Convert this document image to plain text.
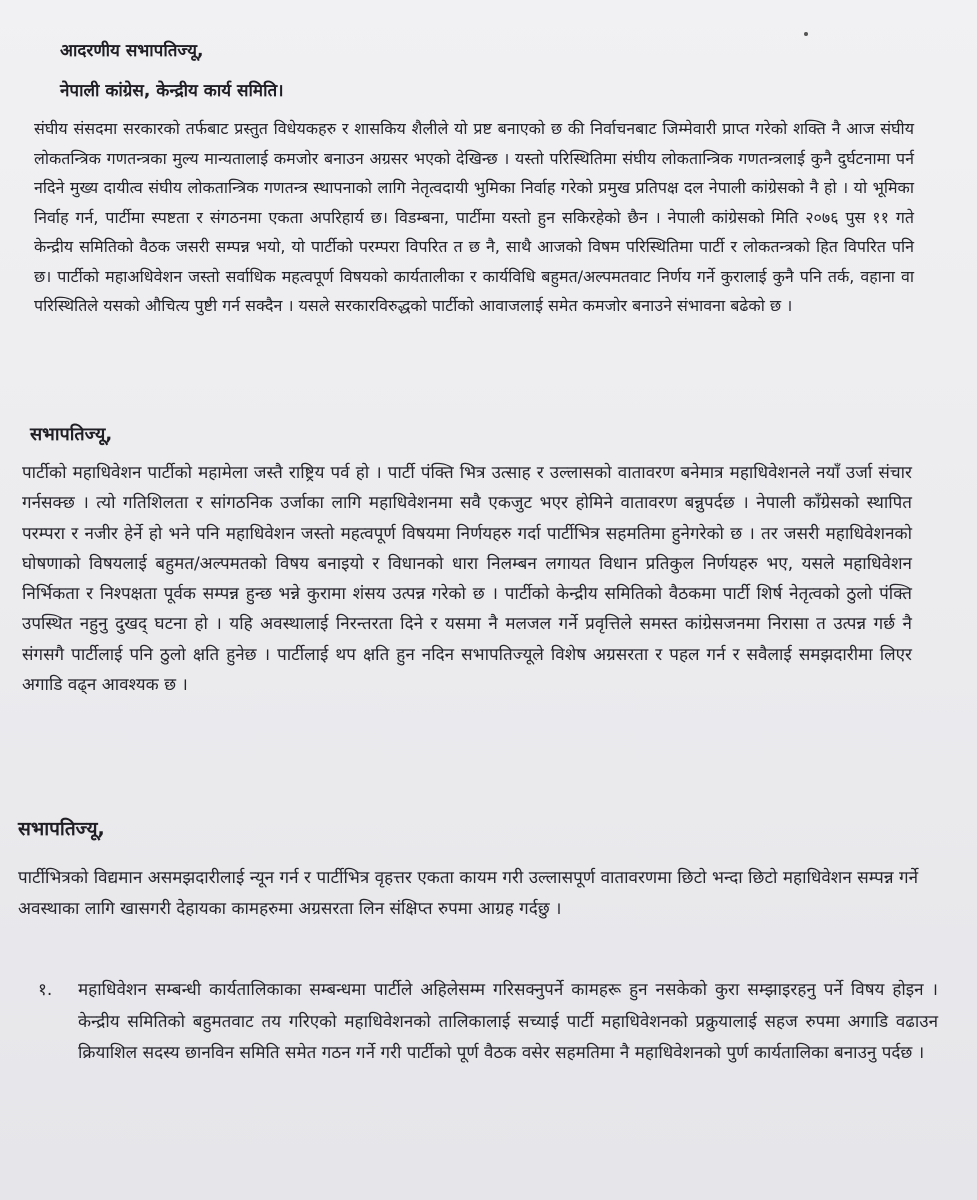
आदरणीय सभापतिज्यू,
नेपाली कांग्रेस, केन्द्रीय कार्य समिति।

संघीय संसदमा सरकारको तर्फबाट प्रस्तुत विधेयकहरु र शासकिय शैलीले यो प्रष्ट बनाएको छ की निर्वाचनबाट जिम्मेवारी प्राप्त गरेको शक्ति नै आज संघीय लोकतन्त्रिक गणतन्त्रका मुल्य मान्यतालाई कमजोर बनाउन अग्रसर भएको देखिन्छ । यस्तो परिस्थितिमा संघीय लोकतान्त्रिक गणतन्त्रलाई कुनै दुर्घटनामा पर्न नदिने मुख्य दायीत्व संघीय लोकतान्त्रिक गणतन्त्र स्थापनाको लागि नेतृत्वदायी भुमिका निर्वाह गरेको प्रमुख प्रतिपक्ष दल नेपाली कांग्रेसको नै हो । यो भूमिका निर्वाह गर्न, पार्टीमा स्पष्टता र संगठनमा एकता अपरिहार्य छ। विडम्बना, पार्टीमा यस्तो हुन सकिरहेको छैन । नेपाली कांग्रेसको मिति २०७६ पुस ११ गते केन्द्रीय समितिको वैठक जसरी सम्पन्न भयो, यो पार्टीको परम्परा विपरित त छ नै, साथै आजको विषम परिस्थितिमा पार्टी र लोकतन्त्रको हित विपरित पनि छ। पार्टीको महाअधिवेशन जस्तो सर्वाधिक महत्वपूर्ण विषयको कार्यतालीका र कार्यविधि बहुमत/अल्पमतवाट निर्णय गर्ने कुरालाई कुनै पनि तर्क, वहाना वा परिस्थितिले यसको औचित्य पुष्टी गर्न सक्दैन । यसले सरकारविरुद्धको पार्टीको आवाजलाई समेत कमजोर बनाउने संभावना बढेको छ ।

सभापतिज्यू,

पार्टीको महाधिवेशन पार्टीको महामेला जस्तै राष्ट्रिय पर्व हो । पार्टी पंक्ति भित्र उत्साह र उल्लासको वातावरण बनेमात्र महाधिवेशनले नयाँ उर्जा संचार गर्नसक्छ । त्यो गतिशिलता र सांगठनिक उर्जाका लागि महाधिवेशनमा सवै एकजुट भएर होमिने वातावरण बन्नुपर्दछ । नेपाली काँग्रेसको स्थापित परम्परा र नजीर हेर्ने हो भने पनि महाधिवेशन जस्तो महत्वपूर्ण विषयमा निर्णयहरु गर्दा पार्टीभित्र सहमतिमा हुनेगरेको छ । तर जसरी महाधिवेशनको घोषणाको विषयलाई बहुमत/अल्पमतको विषय बनाइयो र विधानको धारा निलम्बन लगायत विधान प्रतिकुल निर्णयहरु भए, यसले महाधिवेशन निर्भिकता र निश्पक्षता पूर्वक सम्पन्न हुन्छ भन्ने कुरामा शंसय उत्पन्न गरेको छ । पार्टीको केन्द्रीय समितिको वैठकमा पार्टी शिर्ष नेतृत्वको ठुलो पंक्ति उपस्थित नहुनु दुखद् घटना हो । यहि अवस्थालाई निरन्तरता दिने र यसमा नै मलजल गर्ने प्रवृत्तिले समस्त कांग्रेसजनमा निरासा त उत्पन्न गर्छ नै संगसगै पार्टीलाई पनि ठुलो क्षति हुनेछ । पार्टीलाई थप क्षति हुन नदिन सभापतिज्यूले विशेष अग्रसरता र पहल गर्न र सवैलाई समझदारीमा लिएर अगाडि वढ्न आवश्यक छ ।

सभापतिज्यू,

पार्टीभित्रको विद्यमान असमझदारीलाई न्यून गर्न र पार्टीभित्र वृहत्तर एकता कायम गरी उल्लासपूर्ण वातावरणमा छिटो भन्दा छिटो महाधिवेशन सम्पन्न गर्ने अवस्थाका लागि खासगरी देहायका कामहरुमा अग्रसरता लिन संक्षिप्त रुपमा आग्रह गर्दछु ।

१.	महाधिवेशन सम्बन्धी कार्यतालिकाका सम्बन्धमा पार्टीले अहिलेसम्म गरिसक्नुपर्ने कामहरू हुन नसकेको कुरा सम्झाइरहनु पर्ने विषय होइन । केन्द्रीय समितिको बहुमतवाट तय गरिएको महाधिवेशनको तालिकालाई सच्याई पार्टी महाधिवेशनको प्रक्रुयालाई सहज रुपमा अगाडि वढाउन क्रियाशिल सदस्य छानविन समिति समेत गठन गर्ने गरी पार्टीको पूर्ण वैठक वसेर सहमतिमा नै महाधिवेशनको पुर्ण कार्यतालिका बनाउनु पर्दछ ।
